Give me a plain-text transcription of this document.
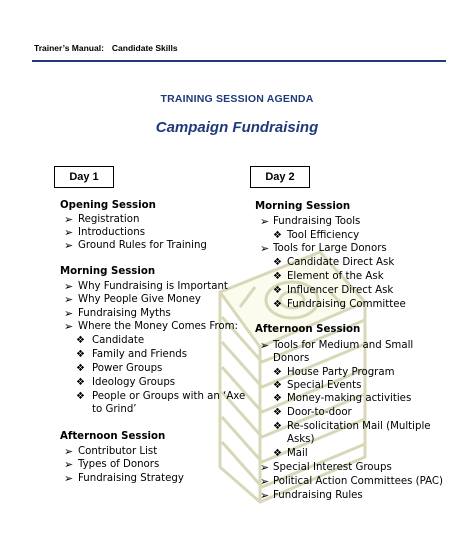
Trainer’s Manual: Candidate Skills
TRAINING SESSION AGENDA
Campaign Fundraising
Day 1	Day 2
Opening Session
➢ Registration
➢ Introductions
➢ Ground Rules for Training
Morning Session
➢ Why Fundraising is Important
➢ Why People Give Money
➢ Fundraising Myths
➢ Where the Money Comes From:
❖ Candidate
❖ Family and Friends
❖ Power Groups
❖ Ideology Groups
❖ People or Groups with an ‘Axe
to Grind’
Afternoon Session
➢ Contributor List
➢ Types of Donors
➢ Fundraising Strategy
Morning Session
➢ Fundraising Tools
❖ Tool Efficiency
➢ Tools for Large Donors
❖ Candidate Direct Ask
❖ Element of the Ask
❖ Influencer Direct Ask
❖ Fundraising Committee
Afternoon Session
➢ Tools for Medium and Small
Donors
❖ House Party Program
❖ Special Events
❖ Money-making activities
❖ Door-to-door
❖ Re-solicitation Mail (Multiple
Asks)
❖ Mail
➢ Special Interest Groups
➢ Political Action Committees (PAC)
➢ Fundraising Rules
